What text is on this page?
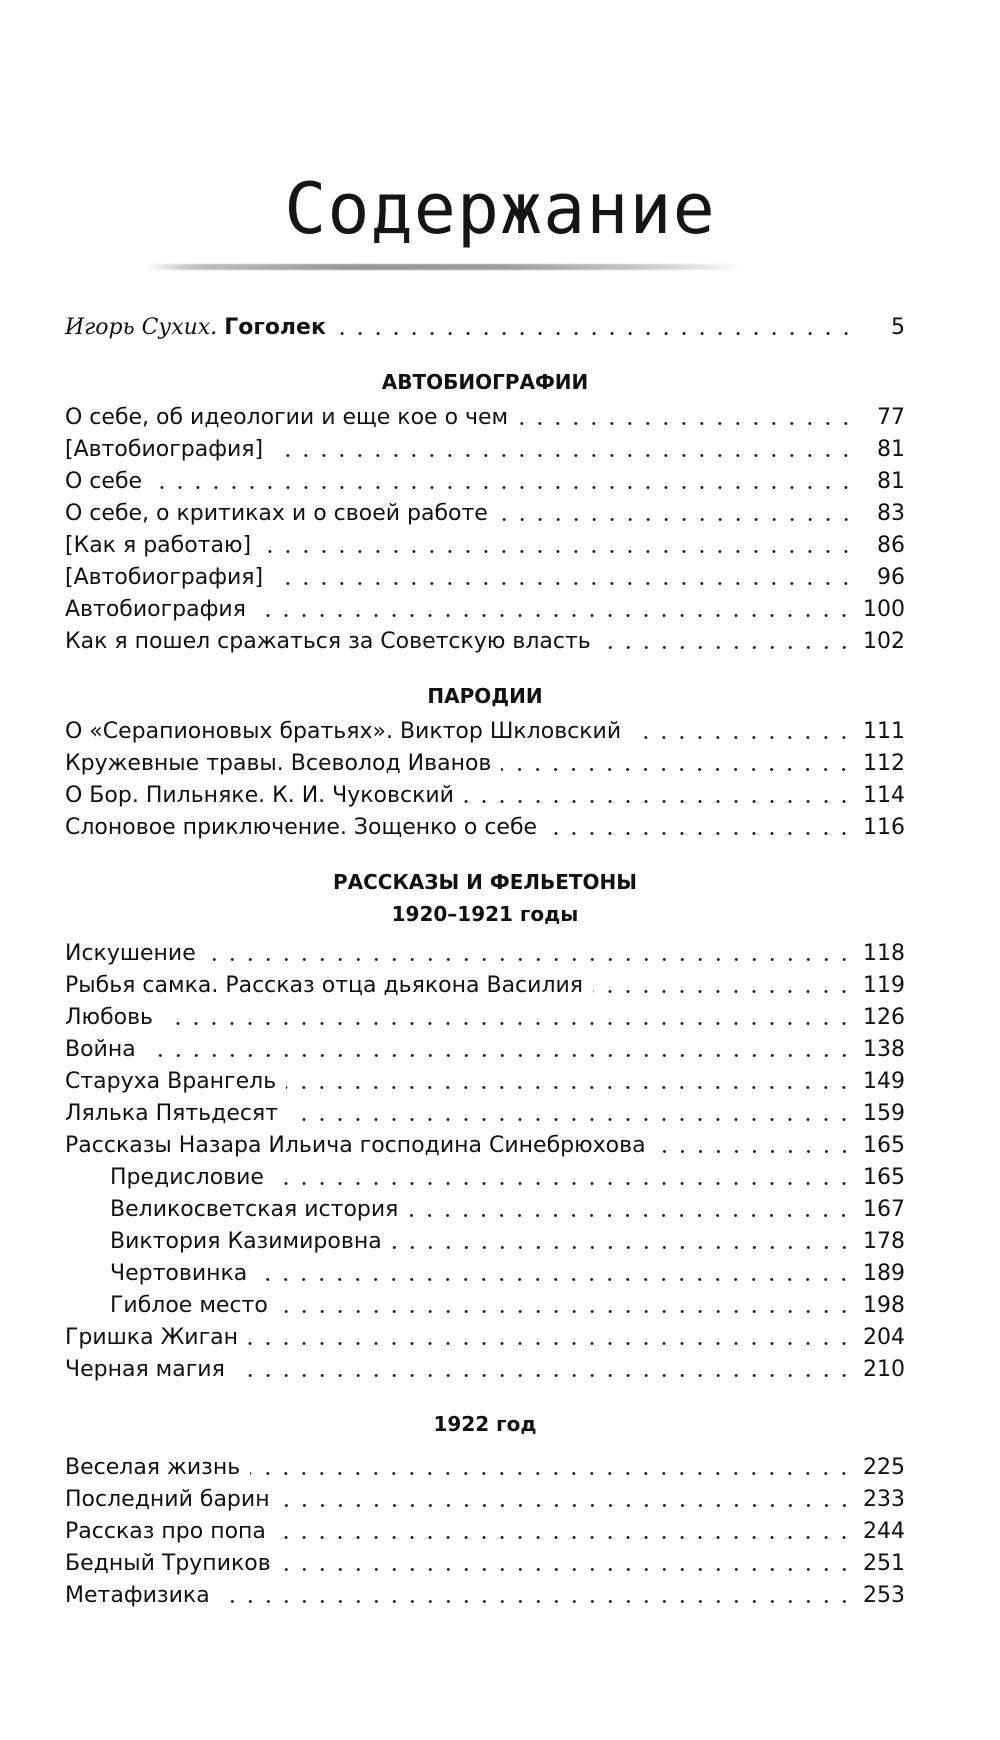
Содержание
Игорь Сухих. Гоголек	5
АВТОБИОГРАФИИ
О себе, об идеологии и еще кое о чем	77
[Автобиография]	81
О себе	81
О себе, о критиках и о своей работе	83
[Как я работаю]	86
[Автобиография]	96
Автобиография	100
Как я пошел сражаться за Советскую власть	102
ПАРОДИИ
О «Серапионовых братьях». Виктор Шкловский	111
Кружевные травы. Всеволод Иванов	112
О Бор. Пильняке. К. И. Чуковский	114
Слоновое приключение. Зощенко о себе	116
РАССКАЗЫ И ФЕЛЬЕТОНЫ
1920–1921 годы
Искушение	118
Рыбья самка. Рассказ отца дьякона Василия	119
Любовь	126
Война	138
Старуха Врангель	149
Лялька Пятьдесят	159
Рассказы Назара Ильича господина Синебрюхова	165
Предисловие	165
Великосветская история	167
Виктория Казимировна	178
Чертовинка	189
Гиблое место	198
Гришка Жиган	204
Черная магия	210
1922 год
Веселая жизнь	225
Последний барин	233
Рассказ про попа	244
Бедный Трупиков	251
Метафизика	253
